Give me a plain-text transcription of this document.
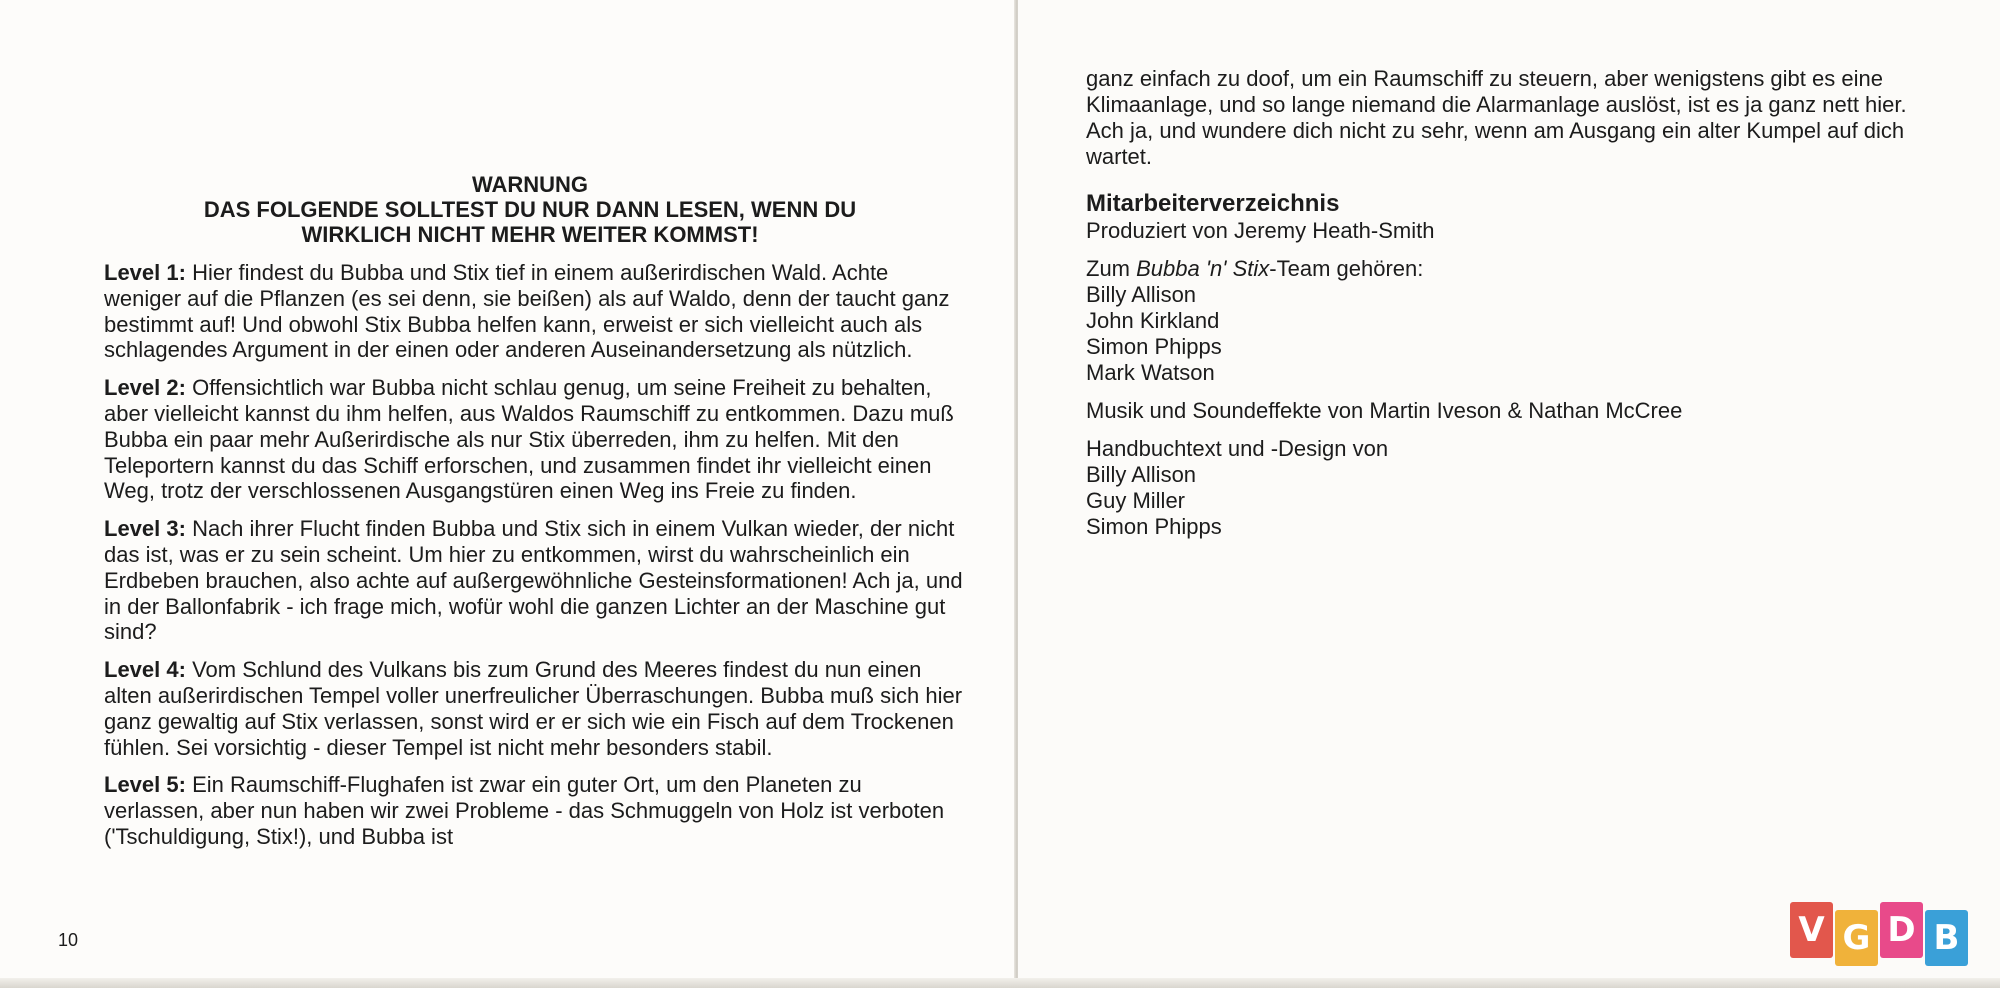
WARNUNG
DAS FOLGENDE SOLLTEST DU NUR DANN LESEN, WENN DU
WIRKLICH NICHT MEHR WEITER KOMMST!

Level 1: Hier findest du Bubba und Stix tief in einem außerirdischen Wald. Achte weniger auf die Pflanzen (es sei denn, sie beißen) als auf Waldo, denn der taucht ganz bestimmt auf! Und obwohl Stix Bubba helfen kann, erweist er sich vielleicht auch als schlagendes Argument in der einen oder anderen Auseinandersetzung als nützlich.

Level 2: Offensichtlich war Bubba nicht schlau genug, um seine Freiheit zu behalten, aber vielleicht kannst du ihm helfen, aus Waldos Raumschiff zu entkommen. Dazu muß Bubba ein paar mehr Außerirdische als nur Stix überreden, ihm zu helfen. Mit den Teleportern kannst du das Schiff erforschen, und zusammen findet ihr vielleicht einen Weg, trotz der verschlossenen Ausgangstüren einen Weg ins Freie zu finden.

Level 3: Nach ihrer Flucht finden Bubba und Stix sich in einem Vulkan wieder, der nicht das ist, was er zu sein scheint. Um hier zu entkommen, wirst du wahrscheinlich ein Erdbeben brauchen, also achte auf außergewöhnliche Gesteinsformationen! Ach ja, und in der Ballonfabrik - ich frage mich, wofür wohl die ganzen Lichter an der Maschine gut sind?

Level 4: Vom Schlund des Vulkans bis zum Grund des Meeres findest du nun einen alten außerirdischen Tempel voller unerfreulicher Überraschungen. Bubba muß sich hier ganz gewaltig auf Stix verlassen, sonst wird er er sich wie ein Fisch auf dem Trockenen fühlen. Sei vorsichtig - dieser Tempel ist nicht mehr besonders stabil.

Level 5: Ein Raumschiff-Flughafen ist zwar ein guter Ort, um den Planeten zu verlassen, aber nun haben wir zwei Probleme - das Schmuggeln von Holz ist verboten ('Tschuldigung, Stix!), und Bubba ist

10

ganz einfach zu doof, um ein Raumschiff zu steuern, aber wenigstens gibt es eine Klimaanlage, und so lange niemand die Alarmanlage auslöst, ist es ja ganz nett hier. Ach ja, und wundere dich nicht zu sehr, wenn am Ausgang ein alter Kumpel auf dich wartet.

Mitarbeiterverzeichnis
Produziert von Jeremy Heath-Smith
Zum Bubba 'n' Stix-Team gehören:
Billy Allison
John Kirkland
Simon Phipps
Mark Watson
Musik und Soundeffekte von Martin Iveson & Nathan McCree
Handbuchtext und -Design von
Billy Allison
Guy Miller
Simon Phipps
V G D B
